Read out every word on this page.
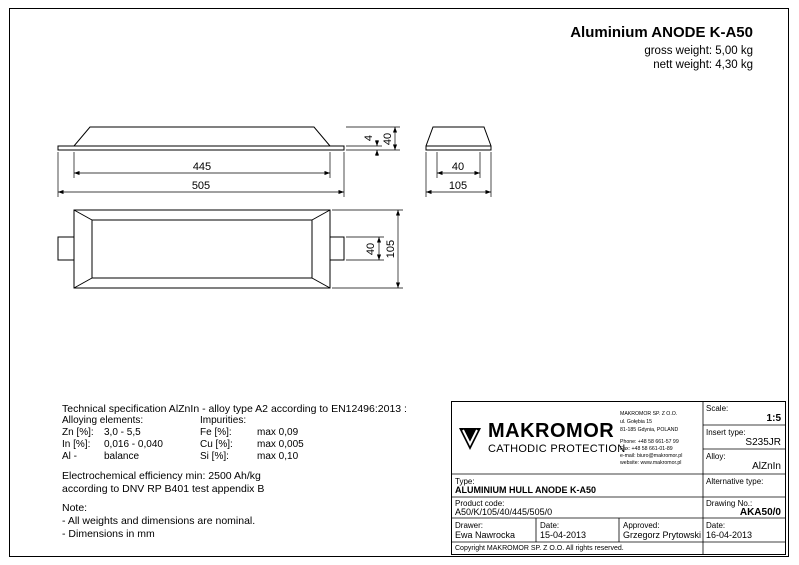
Aluminium ANODE K-A50
gross weight: 5,00 kg
nett weight: 4,30 kg
445
505
4 40
40
105
40 105
Technical specification AlZnIn - alloy type A2 according to EN12496:2013 :
Alloying elements:	Impurities:
Zn [%]: 3,0 - 5,5
In [%]: 0,016 - 0,040
Al -	balance
Fe [%]:	max 0,09
Cu [%]: max 0,005
Si [%]:	max 0,10
Electrochemical efficiency min: 2500 Ah/kg
according to DNV RP B401 test appendix B
Note:
- All weights and dimensions are nominal.
- Dimensions in mm
MAKROMOR
CATHODIC PROTECTION
MAKROMOR SP. Z O.O.
ul. Gołębia 15
81-185 Gdynia, POLAND
Phone: +48 58 661-57 99
Fax: +48 58 661-01-89
e-mail: biuro@makromor.pl
website: www.makromor.pl
Scale:
1:5
Insert type:
S235JR
Alloy:
AlZnIn
Type:
ALUMINIUM HULL ANODE K-A50
Alternative type:
Product code:
A50/K/105/40/445/505/0
Drawing No.:
AKA50/0
Drawer:
Ewa Nawrocka
Date:
15-04-2013
Approved:
Grzegorz Prytowski
Date:
16-04-2013
Copyright MAKROMOR SP. Z O.O. All rights reserved.
